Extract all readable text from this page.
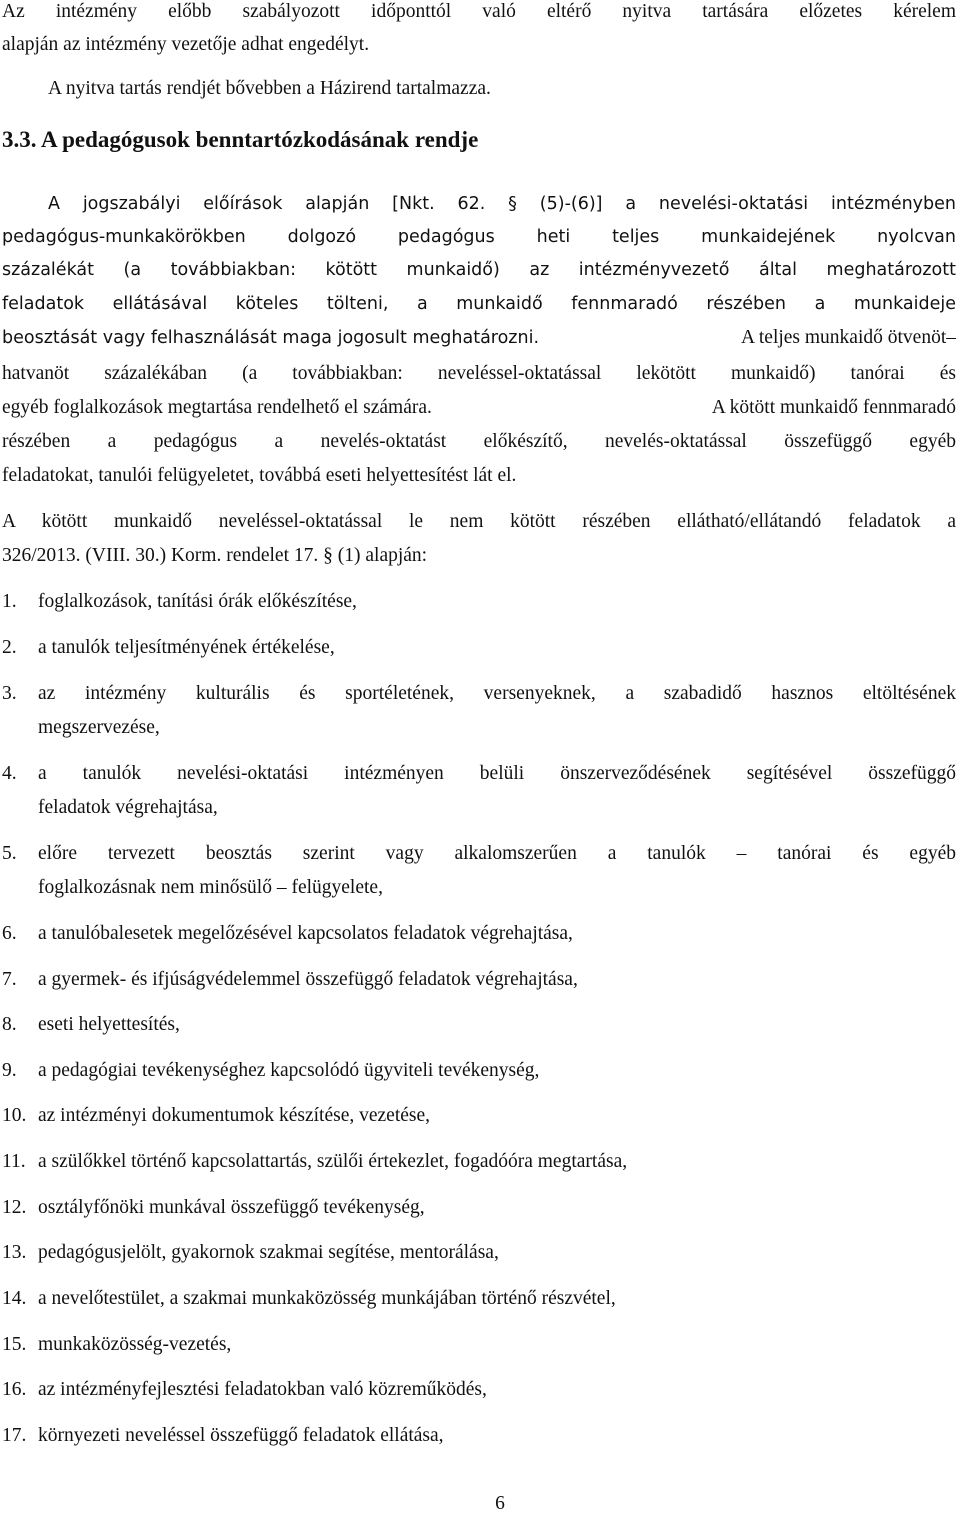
Az intézmény előbb szabályozott időponttól való eltérő nyitva tartására előzetes kérelem
alapján az intézmény vezetője adhat engedélyt.
A nyitva tartás rendjét bővebben a Házirend tartalmazza.
3.3. A pedagógusok benntartózkodásának rendje
A jogszabályi előírások alapján [Nkt. 62. § (5)-(6)] a nevelési-oktatási intézményben
pedagógus-munkakörökben dolgozó pedagógus heti teljes munkaidejének nyolcvan
százalékát (a továbbiakban: kötött munkaidő) az intézményvezető által meghatározott
feladatok ellátásával köteles tölteni, a munkaidő fennmaradó részében a munkaideje
beosztását vagy felhasználását maga jogosult meghatározni.	A teljes munkaidő ötvenöt–
hatvanöt százalékában (a továbbiakban: neveléssel-oktatással lekötött munkaidő) tanórai és
egyéb foglalkozások megtartása rendelhető el számára.	A kötött munkaidő fennmaradó
részében a pedagógus a nevelés-oktatást előkészítő, nevelés-oktatással összefüggő egyéb
feladatokat, tanulói felügyeletet, továbbá eseti helyettesítést lát el.
A kötött munkaidő neveléssel-oktatással le nem kötött részében ellátható/ellátandó feladatok a
326/2013. (VIII. 30.) Korm. rendelet 17. § (1) alapján:
1. foglalkozások, tanítási órák előkészítése,
2. a tanulók teljesítményének értékelése,
3. az intézmény kulturális és sportéletének, versenyeknek, a szabadidő hasznos eltöltésének
megszervezése,
4. a tanulók nevelési-oktatási intézményen belüli önszerveződésének segítésével összefüggő
feladatok végrehajtása,
5. előre tervezett beosztás szerint vagy alkalomszerűen a tanulók – tanórai és egyéb
foglalkozásnak nem minősülő – felügyelete,
6. a tanulóbalesetek megelőzésével kapcsolatos feladatok végrehajtása,
7. a gyermek- és ifjúságvédelemmel összefüggő feladatok végrehajtása,
8. eseti helyettesítés,
9. a pedagógiai tevékenységhez kapcsolódó ügyviteli tevékenység,
10. az intézményi dokumentumok készítése, vezetése,
11. a szülőkkel történő kapcsolattartás, szülői értekezlet, fogadóóra megtartása,
12. osztályfőnöki munkával összefüggő tevékenység,
13. pedagógusjelölt, gyakornok szakmai segítése, mentorálása,
14. a nevelőtestület, a szakmai munkaközösség munkájában történő részvétel,
15. munkaközösség-vezetés,
16. az intézményfejlesztési feladatokban való közreműködés,
17. környezeti neveléssel összefüggő feladatok ellátása,
6
